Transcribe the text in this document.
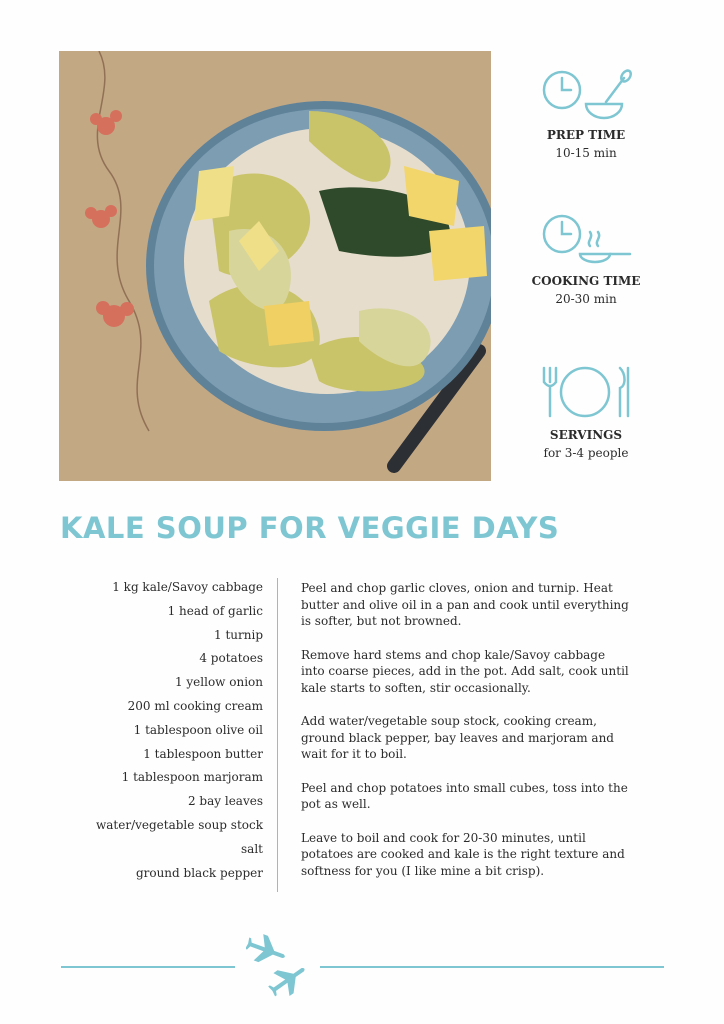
PREP TIME
10-15 min
COOKING TIME
20-30 min
SERVINGS
for 3-4 people
KALE SOUP FOR VEGGIE DAYS
1 kg kale/Savoy cabbage
1 head of garlic
1 turnip
4 potatoes
1 yellow onion
200 ml cooking cream
1 tablespoon olive oil
1 tablespoon butter
1 tablespoon marjoram
2 bay leaves
water/vegetable soup stock
salt
ground black pepper

Peel and chop garlic cloves, onion and turnip. Heat butter and olive oil in a pan and cook until everything is softer, but not browned.

Remove hard stems and chop kale/Savoy cabbage into coarse pieces, add in the pot. Add salt, cook until kale starts to soften, stir occasionally.

Add water/vegetable soup stock, cooking cream, ground black pepper, bay leaves and marjoram and wait for it to boil.

Peel and chop potatoes into small cubes, toss into the pot as well.

Leave to boil and cook for 20-30 minutes, until potatoes are cooked and kale is the right texture and softness for you (I like mine a bit crisp).
